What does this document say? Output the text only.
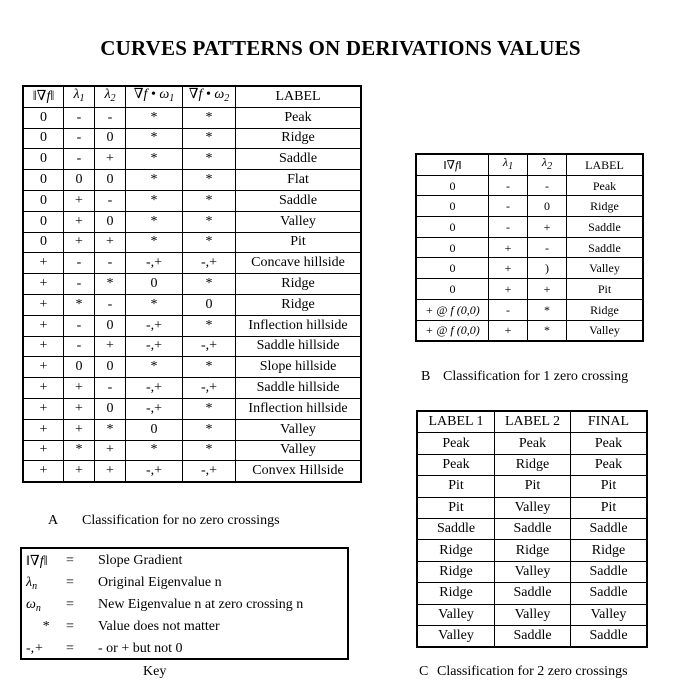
CURVES PATTERNS ON DERIVATIONS VALUES
‖∇f‖	$\lambda_1$	$\lambda_2$	∇f • $\omega_1$	∇f • $\omega_2$	LABEL
0	-	-	*	*	Peak
0	-	0	*	*	Ridge
0	-	+	*	*	Saddle
0	0	0	*	*	Flat
0	+	-	*	*	Saddle
0	+	0	*	*	Valley
0	+	+	*	*	Pit
+	-	-	-,+	-,+	Concave hillside
+	-	*	0	*	Ridge
+	*	-	*	0	Ridge
+	-	0	-,+	*	Inflection hillside
+	-	+	-,+	-,+	Saddle hillside
+	0	0	*	*	Slope hillside
+	+	-	-,+	-,+	Saddle hillside
+	+	0	-,+	*	Inflection hillside
+	+	*	0	*	Valley
+	*	+	*	*	Valley
+	+	+	-,+	-,+	Convex Hillside
A Classification for no zero crossings
‖∇f‖	$\lambda_1$	$\lambda_2$	LABEL
0	-	-	Peak
0	-	0	Ridge
0	-	+	Saddle
0	+	-	Saddle
0	+	)	Valley
0	+	+	Pit
+ @ f (0,0)	-	*	Ridge
+ @ f (0,0)	+	*	Valley
B Classification for 1 zero crossing
LABEL 1	LABEL 2	FINAL
Peak	Peak	Peak
Peak	Ridge	Peak
Pit	Pit	Pit
Pit	Valley	Pit
Saddle	Saddle	Saddle
Ridge	Ridge	Ridge
Ridge	Valley	Saddle
Ridge	Saddle	Saddle
Valley	Valley	Valley
Valley	Saddle	Saddle
C Classification for 2 zero crossings
‖∇f‖ = Slope Gradient
$\lambda_n$ = Original Eigenvalue n
$\omega_n$ = New Eigenvalue n at zero crossing n
* = Value does not matter
-,+ = - or + but not 0
Key
